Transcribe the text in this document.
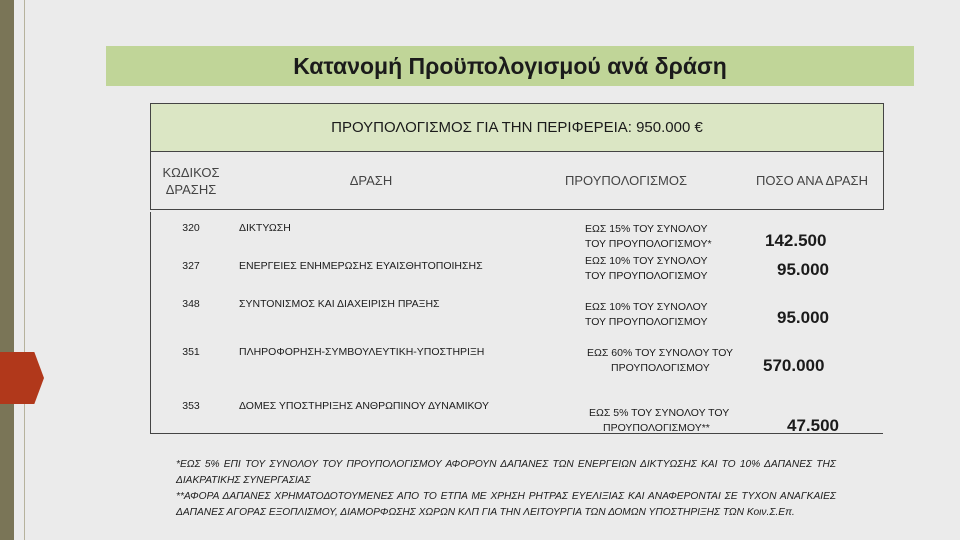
Κατανομή Προϋπολογισμού ανά δράση
ΠΡΟΥΠΟΛΟΓΙΣΜΟΣ ΓΙΑ ΤΗΝ ΠΕΡΙΦΕΡΕΙΑ: 950.000 €
ΚΩΔΙΚΟΣ ΔΡΑΣΗΣ
ΔΡΑΣΗ	ΠΡΟΥΠΟΛΟΓΙΣΜΟΣ	ΠΟΣΟ ΑΝΑ ΔΡΑΣΗ
320	ΔΙΚΤΥΩΣΗ	ΕΩΣ 15% ΤΟΥ ΣΥΝΟΛΟΥ
ΤΟΥ ΠΡΟΥΠΟΛΟΓΙΣΜΟΥ*	142.500
327	ΕΝΕΡΓΕΙΕΣ ΕΝΗΜΕΡΩΣΗΣ ΕΥΑΙΣΘΗΤΟΠΟΙΗΣΗΣ	ΕΩΣ 10% ΤΟΥ ΣΥΝΟΛΟΥ
ΤΟΥ ΠΡΟΥΠΟΛΟΓΙΣΜΟΥ	95.000
348	ΣΥΝΤΟΝΙΣΜΟΣ ΚΑΙ ΔΙΑΧΕΙΡΙΣΗ ΠΡΑΞΗΣ	ΕΩΣ 10% ΤΟΥ ΣΥΝΟΛΟΥ
ΤΟΥ ΠΡΟΥΠΟΛΟΓΙΣΜΟΥ	95.000
351	ΠΛΗΡΟΦΟΡΗΣΗ-ΣΥΜΒΟΥΛΕΥΤΙΚΗ-ΥΠΟΣΤΗΡΙΞΗ	ΕΩΣ 60% ΤΟΥ ΣΥΝΟΛΟΥ ΤΟΥ
ΠΡΟΥΠΟΛΟΓΙΣΜΟΥ	570.000
353	ΔΟΜΕΣ ΥΠΟΣΤΗΡΙΞΗΣ ΑΝΘΡΩΠΙΝΟΥ ΔΥΝΑΜΙΚΟΥ
ΕΩΣ 5% ΤΟΥ ΣΥΝΟΛΟΥ ΤΟΥ
ΠΡΟΥΠΟΛΟΓΙΣΜΟΥ**	47.500

*ΕΩΣ 5% ΕΠΙ ΤΟΥ ΣΥΝΟΛΟΥ ΤΟΥ ΠΡΟΥΠΟΛΟΓΙΣΜΟΥ ΑΦΟΡΟΥΝ ΔΑΠΑΝΕΣ ΤΩΝ ΕΝΕΡΓΕΙΩΝ ΔΙΚΤΥΩΣΗΣ ΚΑΙ ΤΟ 10% ΔΑΠΑΝΕΣ ΤΗΣ ΔΙΑΚΡΑΤΙΚΗΣ ΣΥΝΕΡΓΑΣΙΑΣ

**ΑΦΟΡΑ ΔΑΠΑΝΕΣ ΧΡΗΜΑΤΟΔΟΤΟΥΜΕΝΕΣ ΑΠΟ ΤΟ ΕΤΠΑ ΜΕ ΧΡΗΣΗ ΡΗΤΡΑΣ ΕΥΕΛΙΞΙΑΣ ΚΑΙ ΑΝΑΦΕΡΟΝΤΑΙ ΣΕ ΤΥΧΟΝ ΑΝΑΓΚΑΙΕΣ ΔΑΠΑΝΕΣ ΑΓΟΡΑΣ ΕΞΟΠΛΙΣΜΟΥ, ΔΙΑΜΟΡΦΩΣΗΣ ΧΩΡΩΝ ΚΛΠ ΓΙΑ ΤΗΝ ΛΕΙΤΟΥΡΓΙΑ ΤΩΝ ΔΟΜΩΝ ΥΠΟΣΤΗΡΙΞΗΣ ΤΩΝ Κοιν.Σ.Επ.
